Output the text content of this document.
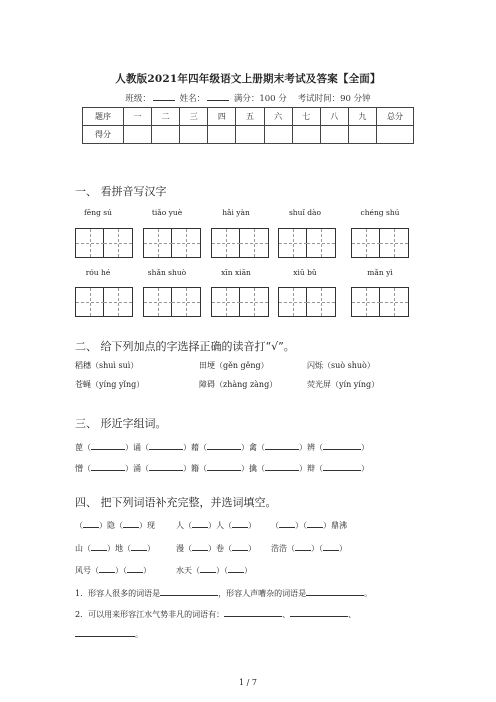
人教版2021年四年级语文上册期末考试及答案【全面】
班级：	姓名：	满分：100 分 考试时间：90 分钟
题序	一	二	三	四	五	六	七	八	九	总分
得分										
一、 看拼音写汉字
fēng sú	tiǎo yuè	hǎi yàn	shuǐ dào	chéng shú
róu hé	shǎn shuò	xīn xiān	xiū bǔ	mǎn yì
二、 给下列加点的字选择正确的读音打“√”。
稻穗（shuì suì）	田埂（gěn gěng）	闪烁（suò shuò）
苍蝇（yíng yǐng）	障碍（zhàng zàng）	荧光屏（yín yíng）
三、 形近字组词。
蓖（	）诵（	）藉（	）禽（	）辨（	）
憎（	）涌（	）籍（	）擒（	）辩（	）
四、 把下列词语补充完整，并选词填空。
（ ）隐（ ）现	人（ ）人（ ） （ ）（ ）鼎沸
山（ ）地（ ）	漫（ ）卷（ ） 浩浩（ ）（ ）
风号（ ）（ ）	水天（ ）（ ）
1．形容人很多的词语是	，形容人声嘈杂的词语是	。
2．可以用来形容江水气势非凡的词语有：	、	、
。
1 / 7
